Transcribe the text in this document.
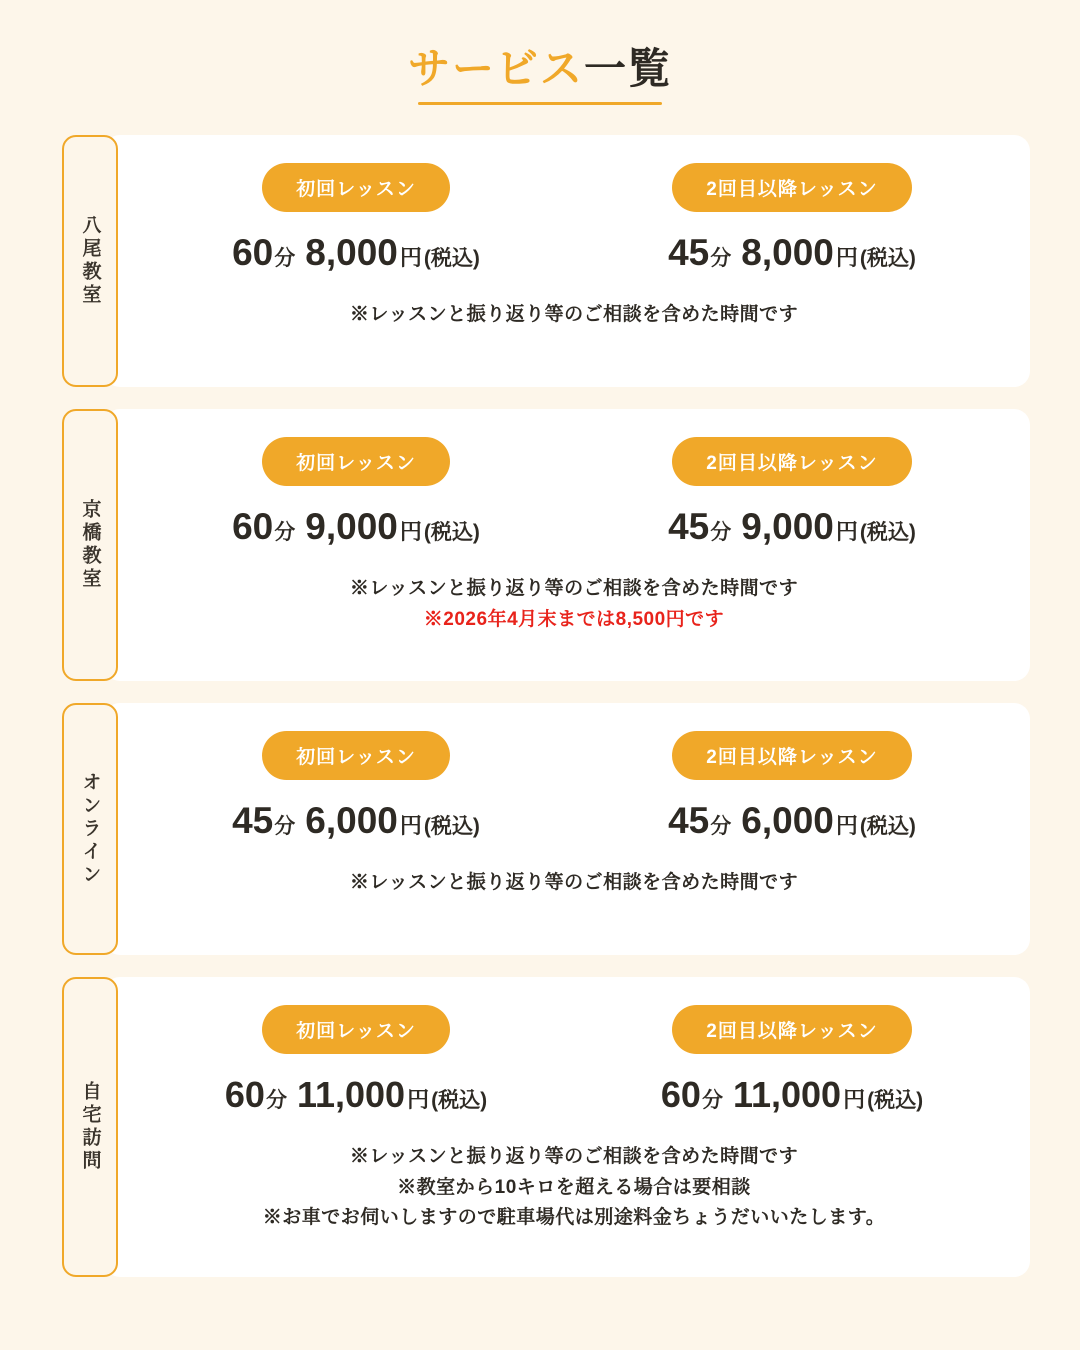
サービス一覧
八尾教室
初回レッスン
60 分 8,000 円 (税込)
2回目以降レッスン
45 分 8,000 円 (税込)
※レッスンと振り返り等のご相談を含めた時間です
京橋教室
初回レッスン
60 分 9,000 円 (税込)
2回目以降レッスン
45 分 9,000 円 (税込)
※レッスンと振り返り等のご相談を含めた時間です
※2026年4月末までは8,500円です
オンライン
初回レッスン
45 分 6,000 円 (税込)
2回目以降レッスン
45 分 6,000 円 (税込)
※レッスンと振り返り等のご相談を含めた時間です
自宅訪問
初回レッスン
60 分 11,000 円 (税込)
2回目以降レッスン
60 分 11,000 円 (税込)
※レッスンと振り返り等のご相談を含めた時間です
※教室から10キロを超える場合は要相談
※お車でお伺いしますので駐車場代は別途料金ちょうだいいたします。
